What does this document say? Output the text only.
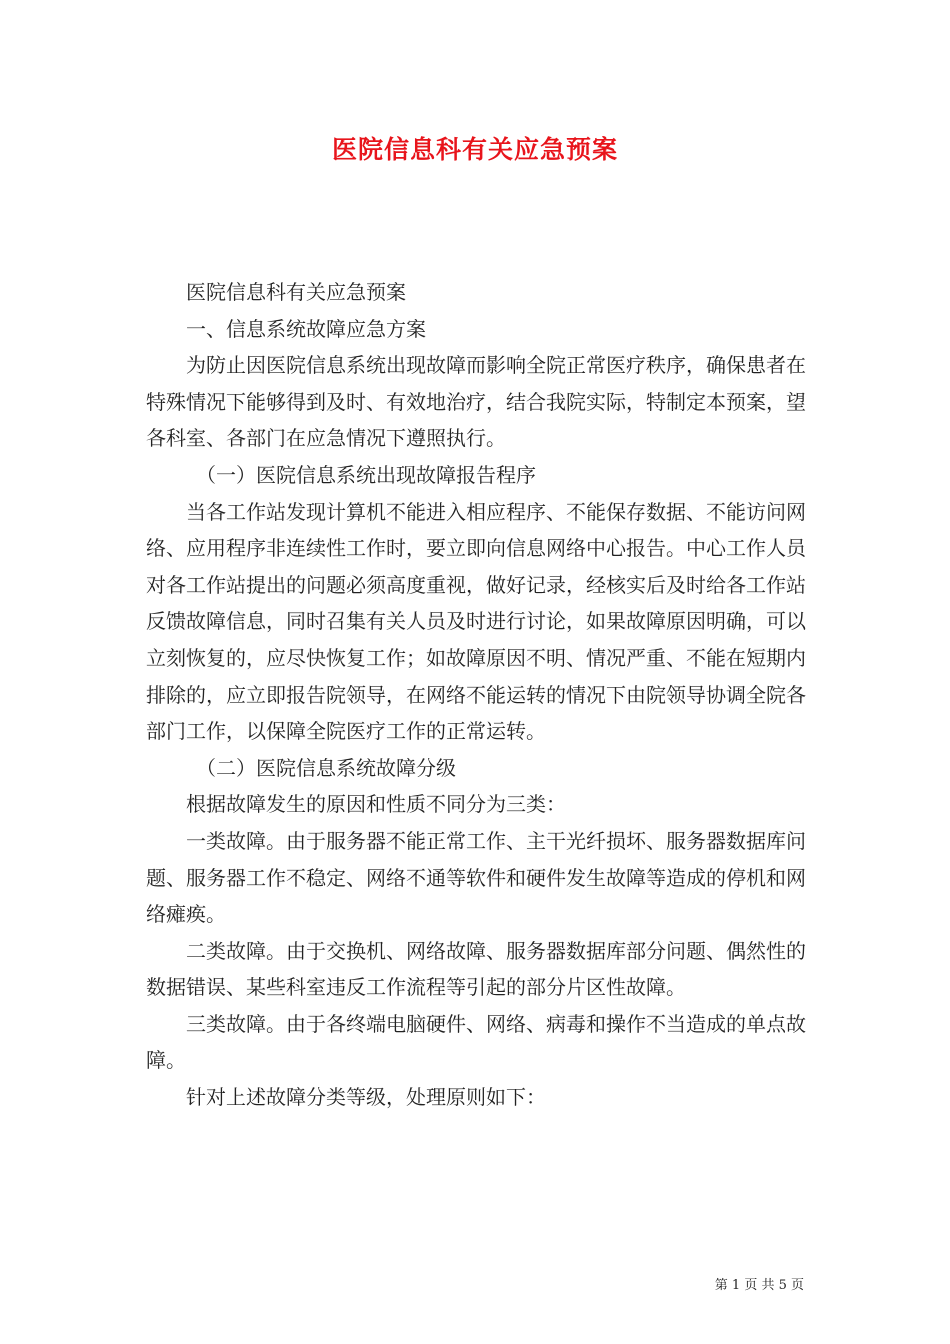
医院信息科有关应急预案

医院信息科有关应急预案

一、信息系统故障应急方案

为防止因医院信息系统出现故障而影响全院正常医疗秩序，确保患者在特殊情况下能够得到及时、有效地治疗，结合我院实际，特制定本预案，望各科室、各部门在应急情况下遵照执行。

（一）医院信息系统出现故障报告程序

当各工作站发现计算机不能进入相应程序、不能保存数据、不能访问网络、应用程序非连续性工作时，要立即向信息网络中心报告。中心工作人员对各工作站提出的问题必须高度重视，做好记录，经核实后及时给各工作站反馈故障信息，同时召集有关人员及时进行讨论，如果故障原因明确，可以立刻恢复的，应尽快恢复工作；如故障原因不明、情况严重、不能在短期内排除的，应立即报告院领导，在网络不能运转的情况下由院领导协调全院各部门工作，以保障全院医疗工作的正常运转。

（二）医院信息系统故障分级

根据故障发生的原因和性质不同分为三类：

一类故障。由于服务器不能正常工作、主干光纤损坏、服务器数据库问题、服务器工作不稳定、网络不通等软件和硬件发生故障等造成的停机和网络瘫痪。

二类故障。由于交换机、网络故障、服务器数据库部分问题、偶然性的数据错误、某些科室违反工作流程等引起的部分片区性故障。

三类故障。由于各终端电脑硬件、网络、病毒和操作不当造成的单点故障。

针对上述故障分类等级，处理原则如下：

第 1 页 共 5 页
